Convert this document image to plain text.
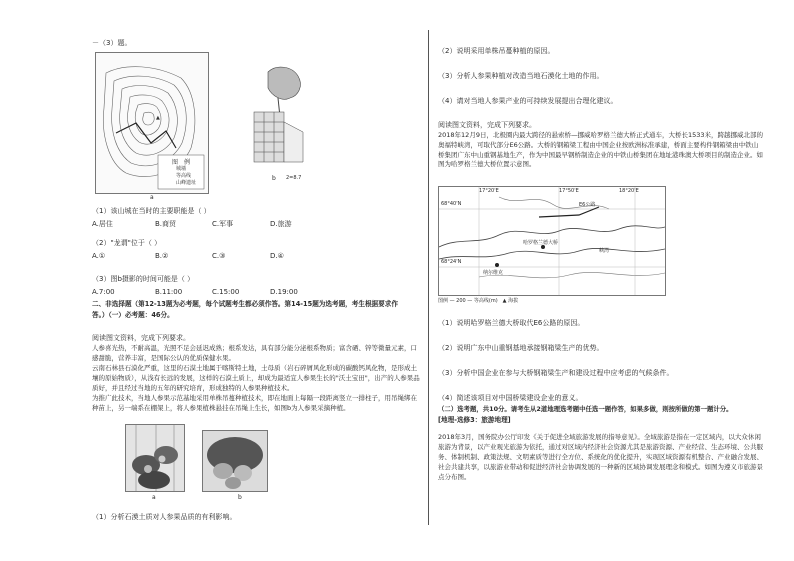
－（3）题。
▲
图　例
城墙
等高线
山峰遗址
a
b 2=8.7
（1）该山城在当时的主要职能是（ ）
A.居住	B.商贸	C.军事	D.旅游
（2）"龙谓"位于（ ）
A.①	B.②	C.③	D.④
（3）图b摄影的时间可能是（ ）
A.7:00	B.11:00	C.15:00	D.19:00
二、非选择题（第12-13题为必考题，每个试题考生都必须作答。第14-15题为选考题，考生根据要求作
答。）（一）必考题：46分。
阅读图文资料，完成下列要求。
人参喜光热，不耐高温，光照不足会延迟成熟；根系发达，具有部分能分泌根系物质；富含硒、锌等微量元素，口感甜脆，营养丰富，是国际公认的优质保健水果。
云南石林县石漠化严重，这里的石漠土地属于喀斯特土地，土母质（岩石碎屑风化形成的碳酸钙风化物，是形成土壤的原始物质），从浅有长远的发展，这样的石漠土质上，却成为最适宜人参果生长的"沃土宝田"，出产的人参果品质好，并且经过当地的五年的研究培育，形成独特的人参果种植技术。
为推广此技术，当地人参果示范基地采用单株吊蔓种植技术，即在地面上每隔一段距离竖立一排柱子，用吊绳绑在种苗上，另一端系在棚架上，将人参果植株悬挂在吊绳上生长，如图b为人参果采摘种植。
a	b
（1）分析石漠土质对人参果品质的有利影响。
（2）说明采用单株吊蔓种植的原因。
（3）分析人参果种植对改造当地石漠化土地的作用。
（4）请对当地人参果产业的可持续发展提出合理化建议。
阅读图文资料，完成下列要求。
2018年12月9日，北极圈内最大跨径的悬索桥—挪威哈罗格兰德大桥正式通车，大桥长1533米，跨越挪威北部的奥福特峡湾，可取代部分E6公路。大桥的钢箱梁工程由中国企业按欧洲标准承建，桥面主要构件钢箱梁由中铁山桥集团广东中山重钢基地生产，作为中国最早钢桥制造企业的中铁山桥集团在地址港珠澳大桥项目的制造企业。如图为哈罗格兰德大桥位置示意图。
68°40'N
68°24'N
17°20'E	17°50'E	18°20'E
E6公路
哈罗格兰德大桥
纳尔维克
峡湾
图例 — 200 — 等高线(m)　▲ 海拔
（1）说明哈罗格兰德大桥取代E6公路的原因。
（2）说明广东中山重钢基地承接钢箱梁生产的优势。
（3）分析中国企业在参与大桥钢箱梁生产和建设过程中应考虑的气候条件。
（4）简述该项目对中国桥梁建设企业的意义。
（二）选考题，共10分。请考生从2道地理选考题中任选一题作答，如果多做，则按所做的第一题计分。
[地理-选修3：旅游地理]
2018年3月，国务院办公厅印发《关于促进全域旅游发展的指导意见》。全域旅游是指在一定区域内，以大众休闲旅游为背景，以产业观光旅游为依托，通过对区域内经济社会资源尤其是旅游资源、产业经营、生态环境、公共服务、体制机制、政策法规、文明素质等进行全方位、系统化的优化提升，实现区域资源有机整合、产业融合发展、社会共建共享，以旅游业带动和促进经济社会协调发展的一种新的区域协调发展理念和模式。如图为遵义市旅游景点分布图。
